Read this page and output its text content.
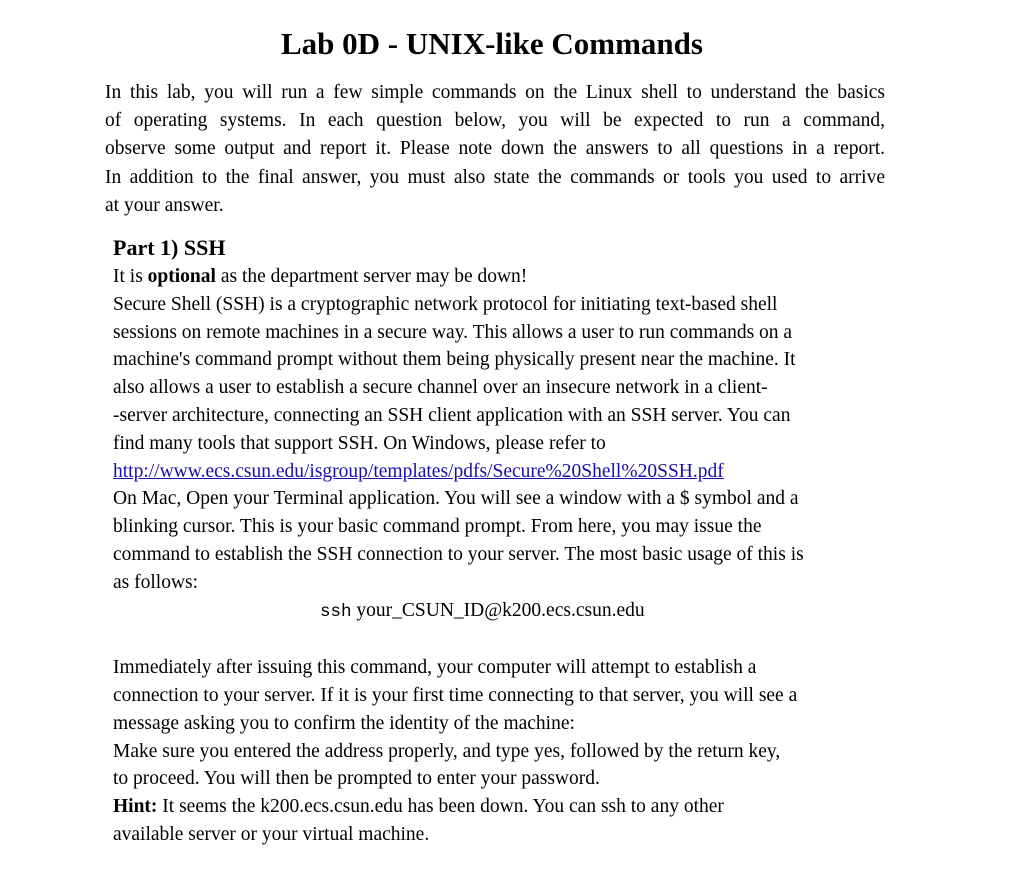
Lab 0D - UNIX-like Commands
In this lab, you will run a few simple commands on the Linux shell to understand the basics
of operating systems. In each question below, you will be expected to run a command,
observe some output and report it. Please note down the answers to all questions in a report.
In addition to the final answer, you must also state the commands or tools you used to arrive
at your answer.
Part 1) SSH
It is optional as the department server may be down!
Secure Shell (SSH) is a cryptographic network protocol for initiating text-based shell
sessions on remote machines in a secure way. This allows a user to run commands on a
machine's command prompt without them being physically present near the machine. It
also allows a user to establish a secure channel over an insecure network in a client-
-server architecture, connecting an SSH client application with an SSH server. You can
find many tools that support SSH. On Windows, please refer to
http://www.ecs.csun.edu/isgroup/templates/pdfs/Secure%20Shell%20SSH.pdf
On Mac, Open your Terminal application. You will see a window with a $ symbol and a
blinking cursor. This is your basic command prompt. From here, you may issue the
command to establish the SSH connection to your server. The most basic usage of this is
as follows:
ssh your_CSUN_ID@k200.ecs.csun.edu
Immediately after issuing this command, your computer will attempt to establish a
connection to your server. If it is your first time connecting to that server, you will see a
message asking you to confirm the identity of the machine:
Make sure you entered the address properly, and type yes, followed by the return key,
to proceed. You will then be prompted to enter your password.
Hint: It seems the k200.ecs.csun.edu has been down. You can ssh to any other
available server or your virtual machine.
